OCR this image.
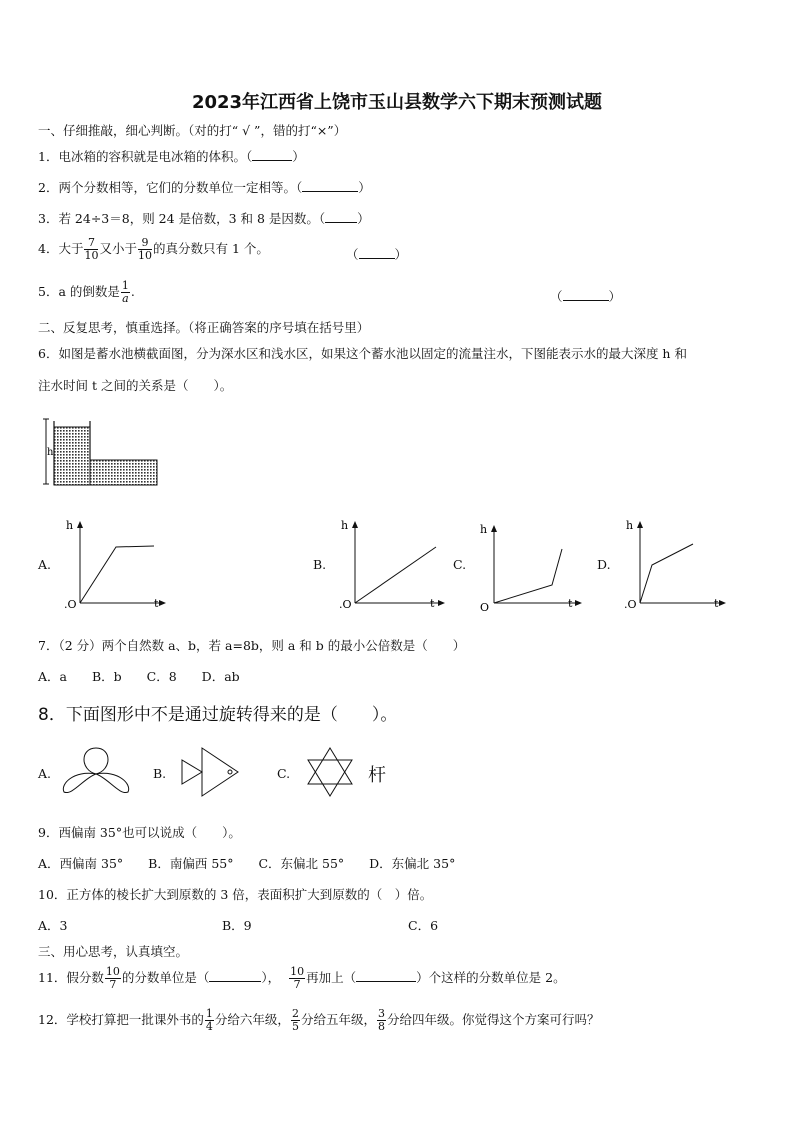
2023年江西省上饶市玉山县数学六下期末预测试题
一、仔细推敲，细心判断。（对的打“ √ ”，错的打“×”）
1．电冰箱的容积就是电冰箱的体积。（	）
2．两个分数相等，它们的分数单位一定相等。（	）
3．若 24÷3＝8，则 24 是倍数，3 和 8 是因数。（	）
4．大于 $\frac{7}{10}$ 又小于 $\frac{9}{10}$ 的真分数只有 1 个。	（	）
5．a 的倒数是 $\frac{1}{a}$ .	（	）
二、反复思考，慎重选择。（将正确答案的序号填在括号里）
6．如图是蓄水池横截面图，分为深水区和浅水区，如果这个蓄水池以固定的流量注水，下图能表示水的最大深度 h 和
注水时间 t 之间的关系是（　　）。
h
A.
h
t
.O
B.
h
t
.O
C.
h
t
O
D.
h
t
.O
7．（2 分）两个自然数 a、b，若 a=8b，则 a 和 b 的最小公倍数是（　　）
A．a　　B．b　　C．8　　D．ab
8．下面图形中不是通过旋转得来的是（　　）。
A.	B.	C.	杆
9．西偏南 35°也可以说成（　　）。
A．西偏南 35°　　B．南偏西 55°　　C．东偏北 55°　　D．东偏北 35°
10．正方体的棱长扩大到原数的 3 倍，表面积扩大到原数的（　）倍。
A．3	B．9	C．6
三、用心思考，认真填空。
11．假分数 $\frac{10}{7}$ 的分数单位是（	）， $\frac{10}{7}$ 再加上（	）个这样的分数单位是 2。
12．学校打算把一批课外书的 $\frac{1}{4}$ 分给六年级， $\frac{2}{5}$ 分给五年级， $\frac{3}{8}$ 分给四年级。你觉得这个方案可行吗？
